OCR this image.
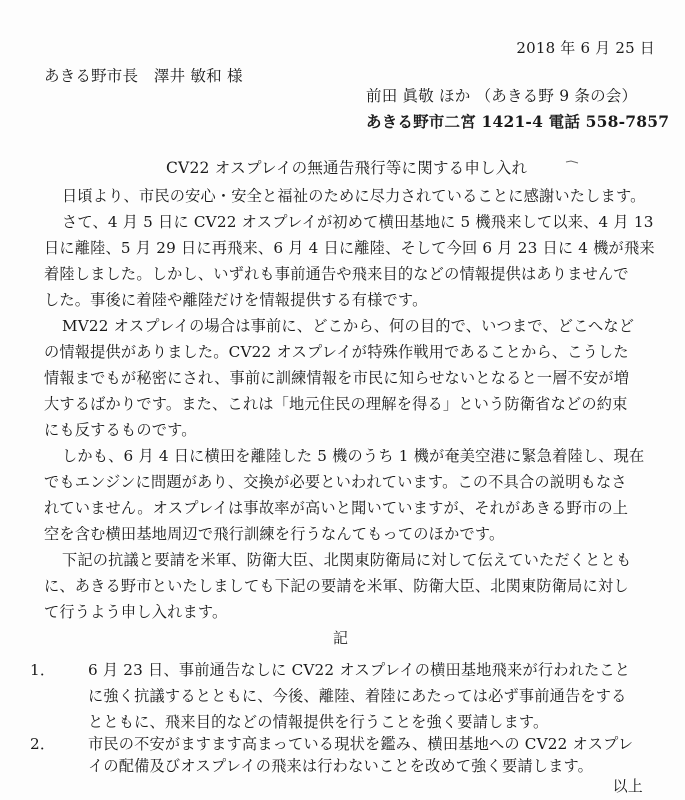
2018 年 6 月 25 日
あきる野市長　澤井 敏和 様
前田 眞敬 ほか （あきる野 9 条の会）
あきる野市二宮 1421-4 電話 558-7857
CV22 オスプレイの無通告飛行等に関する申し入れ
日頃より、市民の安心・安全と福祉のために尽力されていることに感謝いたします。
さて、4 月 5 日に CV22 オスプレイが初めて横田基地に 5 機飛来して以来、4 月 13
日に離陸、5 月 29 日に再飛来、6 月 4 日に離陸、そして今回 6 月 23 日に 4 機が飛来
着陸しました。しかし、いずれも事前通告や飛来目的などの情報提供はありませんで
した。事後に着陸や離陸だけを情報提供する有様です。
MV22 オスプレイの場合は事前に、どこから、何の目的で、いつまで、どこへなど
の情報提供がありました。CV22 オスプレイが特殊作戦用であることから、こうした
情報までもが秘密にされ、事前に訓練情報を市民に知らせないとなると一層不安が増
大するばかりです。また、これは「地元住民の理解を得る」という防衛省などの約束
にも反するものです。
しかも、6 月 4 日に横田を離陸した 5 機のうち 1 機が奄美空港に緊急着陸し、現在
でもエンジンに問題があり、交換が必要といわれています。この不具合の説明もなさ
れていません。オスプレイは事故率が高いと聞いていますが、それがあきる野市の上
空を含む横田基地周辺で飛行訓練を行うなんてもってのほかです。
下記の抗議と要請を米軍、防衛大臣、北関東防衛局に対して伝えていただくととも
に、あきる野市といたしましても下記の要請を米軍、防衛大臣、北関東防衛局に対し
て行うよう申し入れます。
記
1． 6 月 23 日、事前通告なしに CV22 オスプレイの横田基地飛来が行われたこと
に強く抗議するとともに、今後、離陸、着陸にあたっては必ず事前通告をする
とともに、飛来目的などの情報提供を行うことを強く要請します。
2． 市民の不安がますます高まっている現状を鑑み、横田基地への CV22 オスプレ
イの配備及びオスプレイの飛来は行わないことを改めて強く要請します。
以上
